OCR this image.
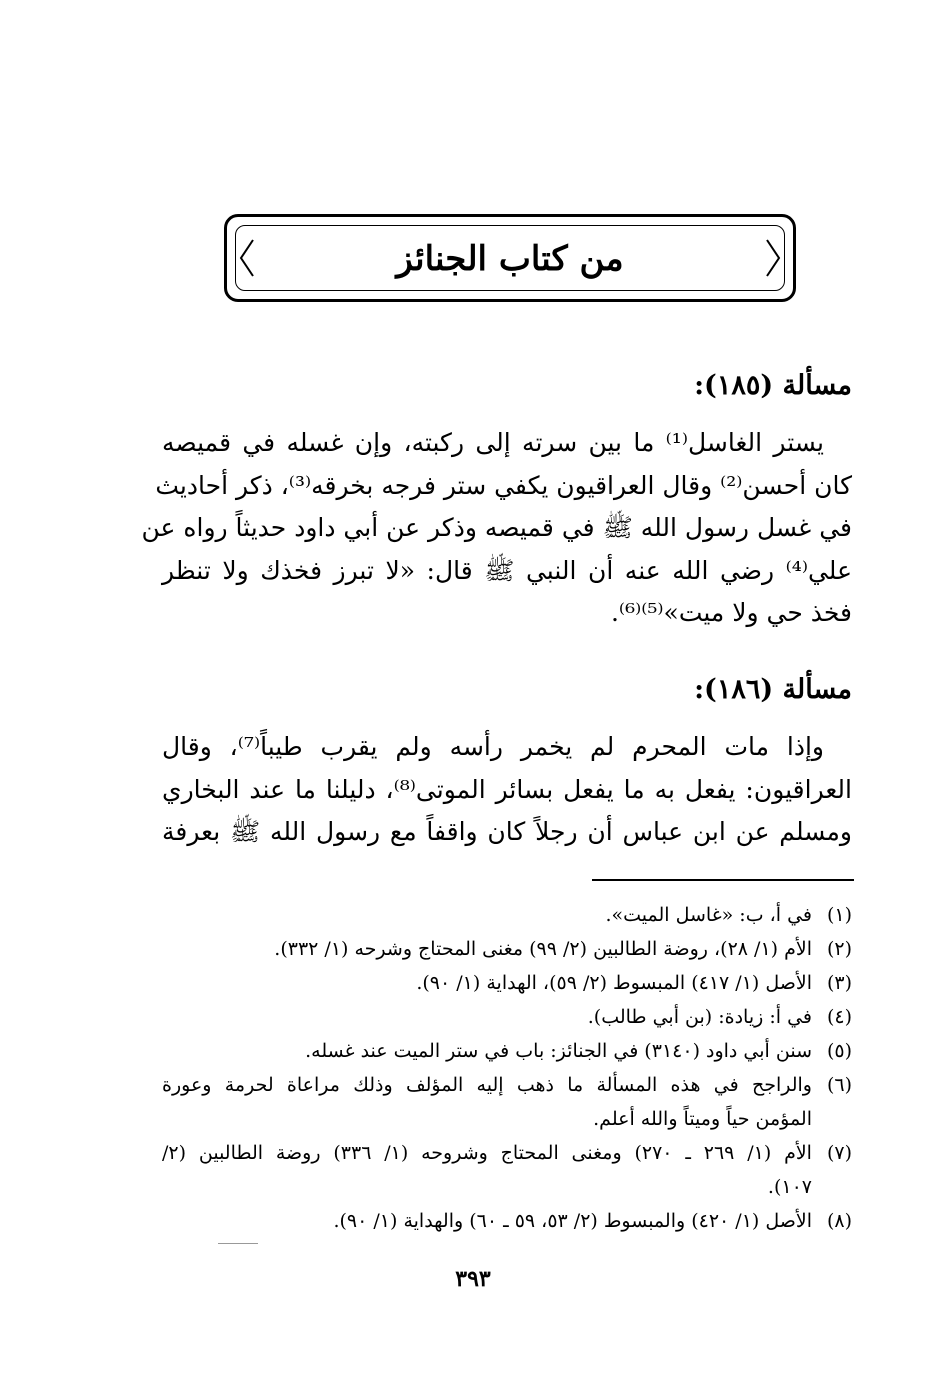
من كتاب الجنائز
مسألة (١٨٥):
يستر الغاسل⁽¹⁾ ما بين سرته إلى ركبته، وإن غسله في قميصه
كان أحسن⁽²⁾ وقال العراقيون يكفي ستر فرجه بخرقه⁽³⁾، ذكر أحاديث
في غسل رسول الله ﷺ في قميصه وذكر عن أبي داود حديثاً رواه عن
علي⁽⁴⁾ رضي الله عنه أن النبي ﷺ قال: «لا تبرز فخذك ولا تنظر
فخذ حي ولا ميت»⁽⁵⁾⁽⁶⁾.
مسألة (١٨٦):
وإذا مات المحرم لم يخمر رأسه ولم يقرب طيباً⁽⁷⁾، وقال
العراقيون: يفعل به ما يفعل بسائر الموتى⁽⁸⁾، دليلنا ما عند البخاري
ومسلم عن ابن عباس أن رجلاً كان واقفاً مع رسول الله ﷺ بعرفة
(١)
في أ، ب: «غاسل الميت».
(٢)
الأم (١/ ٢٨)، روضة الطالبين (٢/ ٩٩) مغنى المحتاج وشرحه (١/ ٣٣٢).
(٣)
الأصل (١/ ٤١٧) المبسوط (٢/ ٥٩)، الهداية (١/ ٩٠).
(٤)
في أ: زيادة: (بن أبي طالب).
(٥)
سنن أبي داود (٣١٤٠) في الجنائز: باب في ستر الميت عند غسله.
(٦)
والراجح في هذه المسألة ما ذهب إليه المؤلف وذلك مراعاة لحرمة وعورة
المؤمن حياً وميتاً والله أعلم.
(٧)
الأم (١/ ٢٦٩ ـ ٢٧٠) ومغنى المحتاج وشروحه (١/ ٣٣٦) روضة الطالبين (٢/
١٠٧).
(٨)
الأصل (١/ ٤٢٠) والمبسوط (٢/ ٥٣، ٥٩ ـ ٦٠) والهداية (١/ ٩٠).
٣٩٣
